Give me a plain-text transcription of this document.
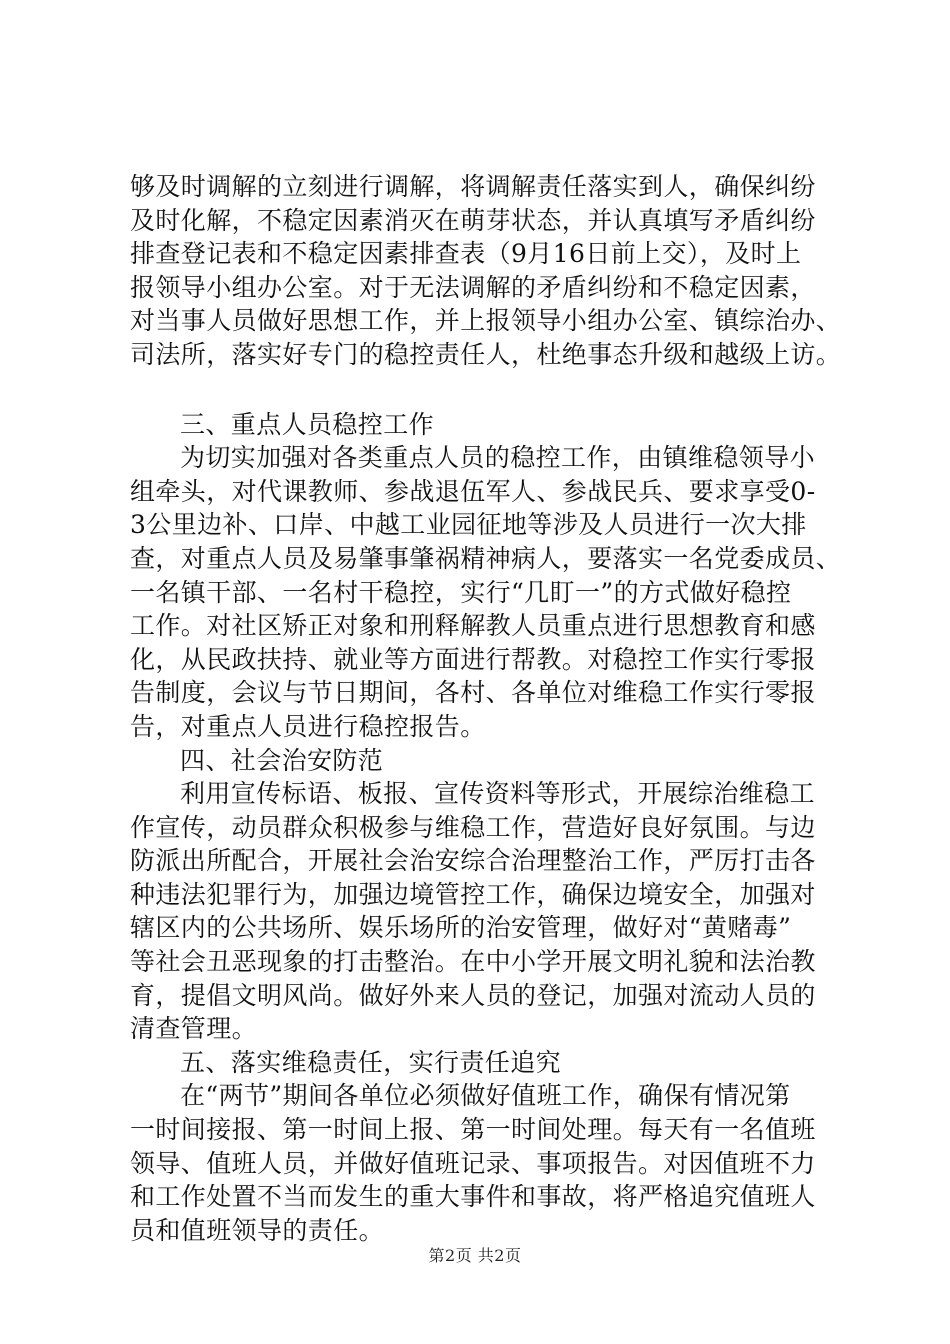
够及时调解的立刻进行调解，将调解责任落实到人，确保纠纷
及时化解，不稳定因素消灭在萌芽状态，并认真填写矛盾纠纷
排查登记表和不稳定因素排查表（9月16日前上交），及时上
报领导小组办公室。对于无法调解的矛盾纠纷和不稳定因素，
对当事人员做好思想工作，并上报领导小组办公室、镇综治办、
司法所，落实好专门的稳控责任人，杜绝事态升级和越级上访。
三、重点人员稳控工作
为切实加强对各类重点人员的稳控工作，由镇维稳领导小
组牵头，对代课教师、参战退伍军人、参战民兵、要求享受0-
3公里边补、口岸、中越工业园征地等涉及人员进行一次大排
查，对重点人员及易肇事肇祸精神病人，要落实一名党委成员、
一名镇干部、一名村干稳控，实行“几盯一”的方式做好稳控
工作。对社区矫正对象和刑释解教人员重点进行思想教育和感
化，从民政扶持、就业等方面进行帮教。对稳控工作实行零报
告制度，会议与节日期间，各村、各单位对维稳工作实行零报
告，对重点人员进行稳控报告。
四、社会治安防范
利用宣传标语、板报、宣传资料等形式，开展综治维稳工
作宣传，动员群众积极参与维稳工作，营造好良好氛围。与边
防派出所配合，开展社会治安综合治理整治工作，严厉打击各
种违法犯罪行为，加强边境管控工作，确保边境安全，加强对
辖区内的公共场所、娱乐场所的治安管理，做好对“黄赌毒”
等社会丑恶现象的打击整治。在中小学开展文明礼貌和法治教
育，提倡文明风尚。做好外来人员的登记，加强对流动人员的
清查管理。
五、落实维稳责任，实行责任追究
在“两节”期间各单位必须做好值班工作，确保有情况第
一时间接报、第一时间上报、第一时间处理。每天有一名值班
领导、值班人员，并做好值班记录、事项报告。对因值班不力
和工作处置不当而发生的重大事件和事故，将严格追究值班人
员和值班领导的责任。
第2页 共2页
